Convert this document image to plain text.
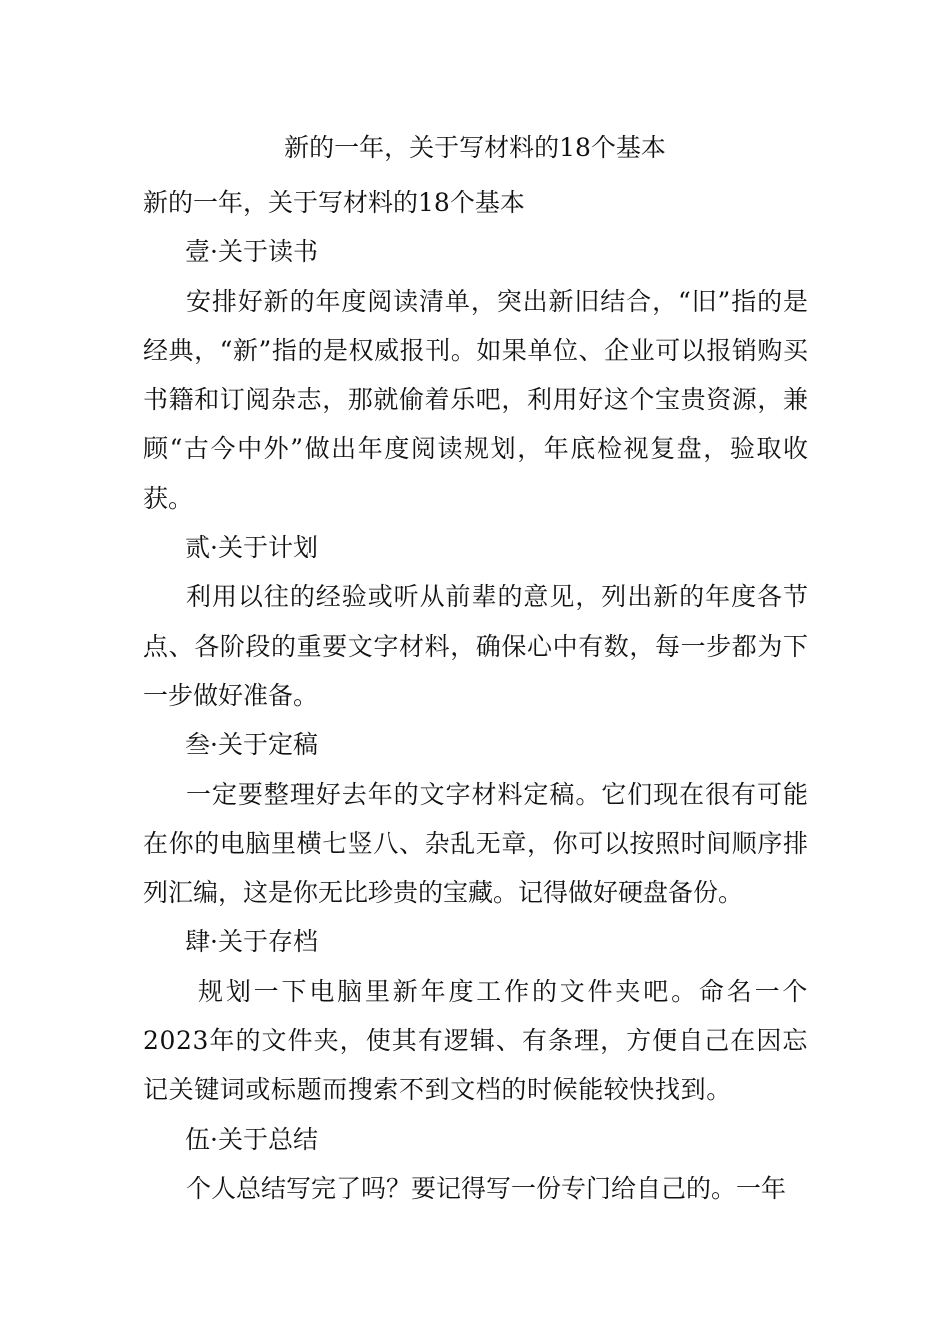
新的一年，关于写材料的18个基本

新的一年，关于写材料的18个基本

壹·关于读书

安排好新的年度阅读清单，突出新旧结合，“旧”指的是经典，“新”指的是权威报刊。如果单位、企业可以报销购买书籍和订阅杂志，那就偷着乐吧，利用好这个宝贵资源，兼顾“古今中外”做出年度阅读规划，年底检视复盘，验取收获。

贰·关于计划

利用以往的经验或听从前辈的意见，列出新的年度各节点、各阶段的重要文字材料，确保心中有数，每一步都为下一步做好准备。

叁·关于定稿

一定要整理好去年的文字材料定稿。它们现在很有可能在你的电脑里横七竖八、杂乱无章，你可以按照时间顺序排列汇编，这是你无比珍贵的宝藏。记得做好硬盘备份。

肆·关于存档

规划一下电脑里新年度工作的文件夹吧。命名一个2023年的文件夹，使其有逻辑、有条理，方便自己在因忘记关键词或标题而搜索不到文档的时候能较快找到。

伍·关于总结

个人总结写完了吗？要记得写一份专门给自己的。一年
